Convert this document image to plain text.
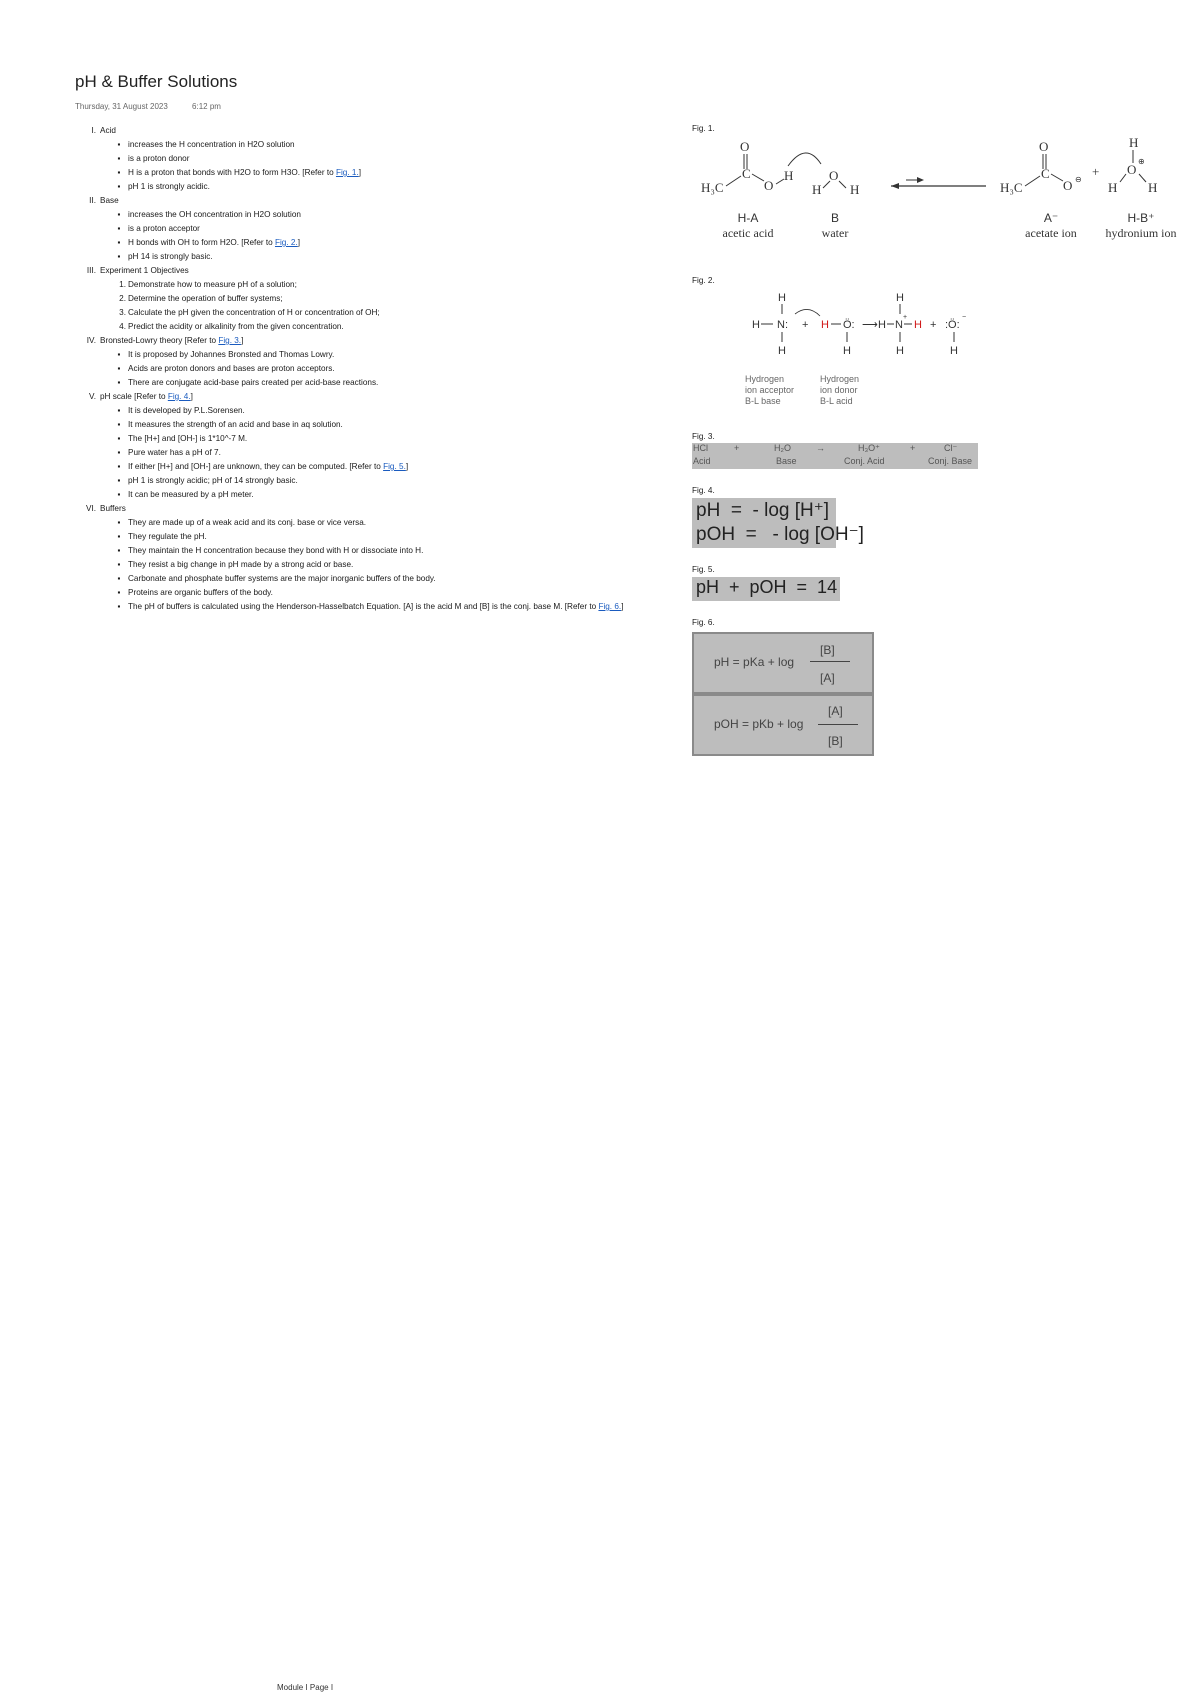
pH & Buffer Solutions
Thursday, 31 August 2023	6:12 pm
I. Acid
▪ increases the H concentration in H2O solution
▪ is a proton donor
▪ H is a proton that bonds with H2O to form H3O. [Refer to Fig. 1.]
▪ pH 1 is strongly acidic.
II. Base
▪ increases the OH concentration in H2O solution
▪ is a proton acceptor
▪ H bonds with OH to form H2O. [Refer to Fig. 2.]
▪ pH 14 is strongly basic.
III. Experiment 1 Objectives
1. Demonstrate how to measure pH of a solution;
2. Determine the operation of buffer systems;
3. Calculate the pH given the concentration of H or concentration of OH;
4. Predict the acidity or alkalinity from the given concentration.
IV. Bronsted-Lowry theory [Refer to Fig. 3.]
▪ It is proposed by Johannes Bronsted and Thomas Lowry.
▪ Acids are proton donors and bases are proton acceptors.
▪ There are conjugate acid-base pairs created per acid-base reactions.
V. pH scale [Refer to Fig. 4.]
▪ It is developed by P.L.Sorensen.
▪ It measures the strength of an acid and base in aq solution.
▪ The [H+] and [OH-] is 1*10^-7 M.
▪ Pure water has a pH of 7.
▪ If either [H+] and [OH-] are unknown, they can be computed. [Refer to Fig. 5.]
▪ pH 1 is strongly acidic; pH of 14 strongly basic.
▪ It can be measured by a pH meter.
VI. Buffers
▪ They are made up of a weak acid and its conj. base or vice versa.
▪ They regulate the pH.
▪ They maintain the H concentration because they bond with H or dissociate into H.
▪ They resist a big change in pH made by a strong acid or base.
▪ Carbonate and phosphate buffer systems are the major inorganic buffers of the body.
▪ Proteins are organic buffers of the body.
▪ The pH of buffers is calculated using the Henderson-Hasselbatch Equation. [A] is the acid M and [B] is the conj. base M. [Refer to Fig. 6.]
Fig. 1.
O
C
H₃C	O
H
H
O
H
O
C
H₃C	O ⊖
+
H
O
⊕
H H
H-A	B	A⁻	H-B⁺
acetic acid	water	acetate ion hydronium ion
Fig. 2.
H
H N:
H
+ H Ö:
H
⟶
H
H N
+
H
H
+ :Ö:
−
H
Hydrogen
ion acceptor
B-L base
Hydrogen
ion donor
B-L acid
Fig. 3.
HCl	+	H₂O	→	H₃O⁺	+	Cl⁻
Acid	Base	Conj. Acid	Conj. Base
Fig. 4.
pH  =  - log [H⁺]
pOH  =   - log [OH⁻]
Fig. 5.
pH  +  pOH  =  14
Fig. 6.
pH = pKa + log
[B]
[A]
pOH = pKb + log
[A]
[B]
Module I Page I
